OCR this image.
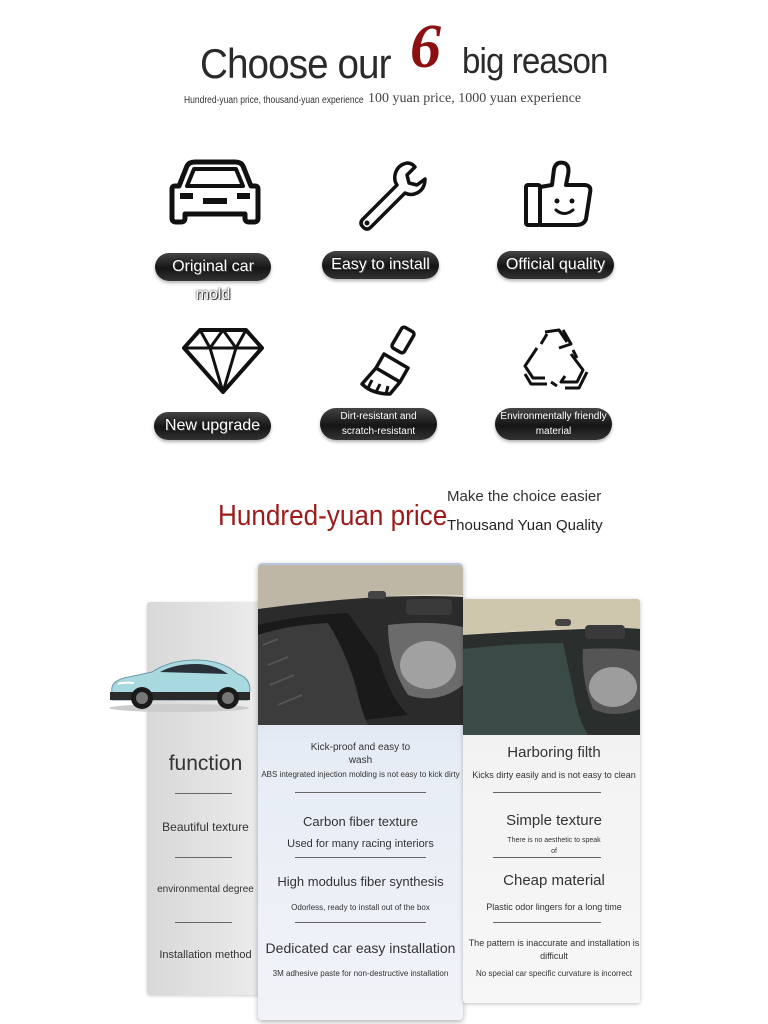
Choose our 6 big reason
Hundred-yuan price, thousand-yuan experience 100 yuan price, 1000 yuan experience
Original car mold
Easy to install	Official quality
New upgrade
Dirt-resistant and
scratch-resistant
Environmentally friendly
material
Hundred-yuan price
Make the choice easier
Thousand Yuan Quality
function
Beautiful texture
environmental degree
Installation method
Kick-proof and easy to
wash
ABS integrated injection molding is not easy to kick dirty
Carbon fiber texture
Used for many racing interiors
High modulus fiber synthesis
Odorless, ready to install out of the box
Dedicated car easy installation
3M adhesive paste for non-destructive installation
Harboring filth
Kicks dirty easily and is not easy to clean
Simple texture
There is no aesthetic to speak
of
Cheap material
Plastic odor lingers for a long time
The pattern is inaccurate and installation is
difficult
No special car specific curvature is incorrect
